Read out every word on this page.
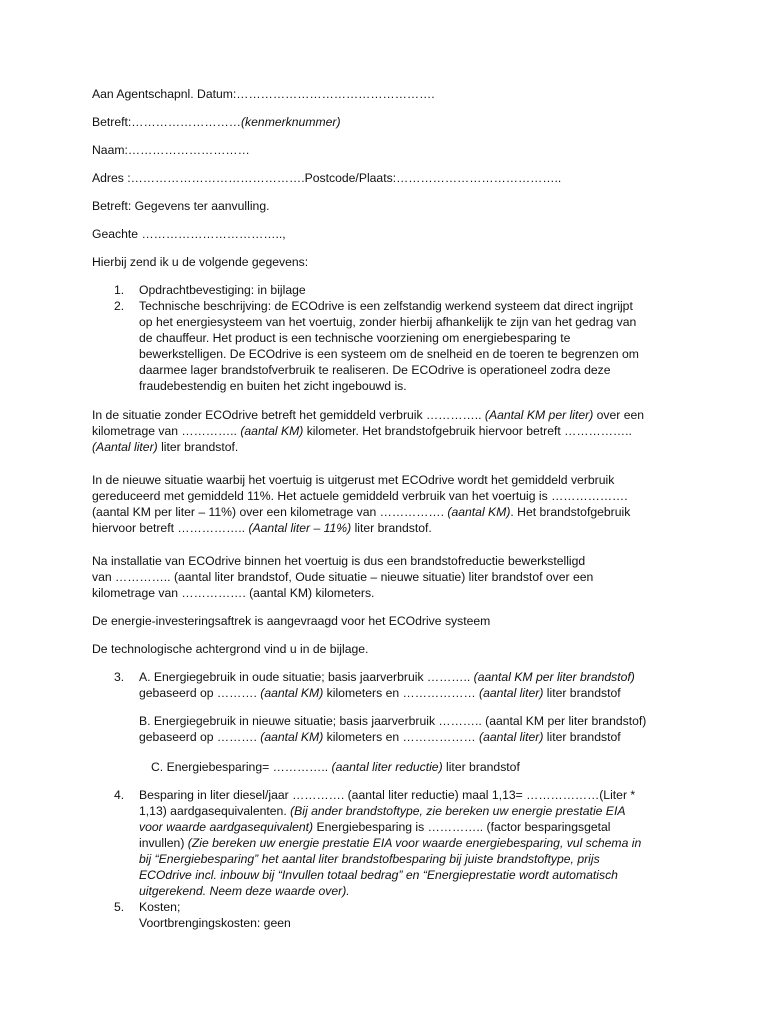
Aan Agentschapnl. Datum:………………………………………….
Betreft:………………………(kenmerknummer)
Naam:…………………………
Adres :…………………………………….Postcode/Plaats:…………………………………..
Betreft: Gegevens ter aanvulling.
Geachte ……………………………..,
Hierbij zend ik u de volgende gegevens:
1. Opdrachtbevestiging: in bijlage
2. Technische beschrijving: de ECOdrive is een zelfstandig werkend systeem dat direct ingrijpt
op het energiesysteem van het voertuig, zonder hierbij afhankelijk te zijn van het gedrag van
de chauffeur. Het product is een technische voorziening om energiebesparing te
bewerkstelligen. De ECOdrive is een systeem om de snelheid en de toeren te begrenzen om
daarmee lager brandstofverbruik te realiseren. De ECOdrive is operationeel zodra deze
fraudebestendig en buiten het zicht ingebouwd is.
In de situatie zonder ECOdrive betreft het gemiddeld verbruik ………….. (Aantal KM per liter) over een
kilometrage van ………….. (aantal KM) kilometer. Het brandstofgebruik hiervoor betreft ……………..
(Aantal liter) liter brandstof.
In de nieuwe situatie waarbij het voertuig is uitgerust met ECOdrive wordt het gemiddeld verbruik
gereduceerd met gemiddeld 11%. Het actuele gemiddeld verbruik van het voertuig is ……………….
(aantal KM per liter – 11%) over een kilometrage van ……………. (aantal KM). Het brandstofgebruik
hiervoor betreft …………….. (Aantal liter – 11%) liter brandstof.
Na installatie van ECOdrive binnen het voertuig is dus een brandstofreductie bewerkstelligd
van ………….. (aantal liter brandstof, Oude situatie – nieuwe situatie) liter brandstof over een
kilometrage van ……………. (aantal KM) kilometers.
De energie-investeringsaftrek is aangevraagd voor het ECOdrive systeem
De technologische achtergrond vind u in de bijlage.
3. A. Energiegebruik in oude situatie; basis jaarverbruik ……….. (aantal KM per liter brandstof)
gebaseerd op ………. (aantal KM) kilometers en ……………… (aantal liter) liter brandstof
B. Energiegebruik in nieuwe situatie; basis jaarverbruik ……….. (aantal KM per liter brandstof)
gebaseerd op ………. (aantal KM) kilometers en ……………… (aantal liter) liter brandstof
C. Energiebesparing= ………….. (aantal liter reductie) liter brandstof
4. Besparing in liter diesel/jaar …………. (aantal liter reductie) maal 1,13= ………………(Liter *
1,13) aardgasequivalenten. (Bij ander brandstoftype, zie bereken uw energie prestatie EIA
voor waarde aardgasequivalent) Energiebesparing is ………….. (factor besparingsgetal
invullen) (Zie bereken uw energie prestatie EIA voor waarde energiebesparing, vul schema in
bij “Energiebesparing” het aantal liter brandstofbesparing bij juiste brandstoftype, prijs
ECOdrive incl. inbouw bij “Invullen totaal bedrag” en “Energieprestatie wordt automatisch
uitgerekend. Neem deze waarde over).
5. Kosten;
Voortbrengingskosten: geen
